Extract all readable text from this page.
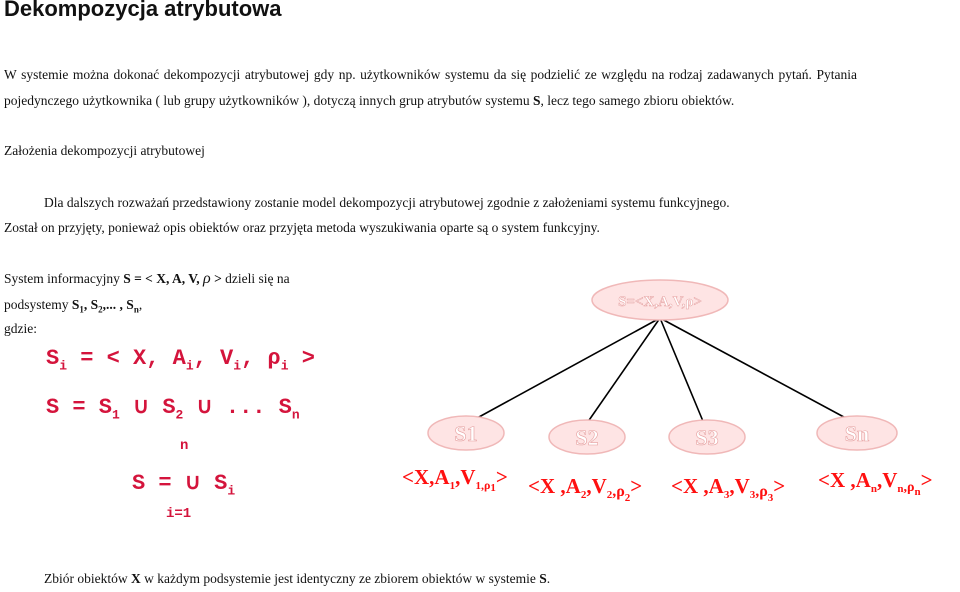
Dekompozycja atrybutowa
W systemie można dokonać dekompozycji atrybutowej gdy np. użytkowników systemu da się podzielić ze względu na rodzaj zadawanych pytań. Pytania
pojedynczego użytkownika ( lub grupy użytkowników ), dotyczą innych grup atrybutów systemu S, lecz tego samego zbioru obiektów.
Założenia dekompozycji atrybutowej
Dla dalszych rozważań przedstawiony zostanie model dekompozycji atrybutowej zgodnie z założeniami systemu funkcyjnego.
Został on przyjęty, ponieważ opis obiektów oraz przyjęta metoda wyszukiwania oparte są o system funkcyjny.
System informacyjny S = < X, A, V, ρ > dzieli się na
podsystemy $S_1$, $S_2$,... , $S_n$,
gdzie:
$S_i$ = < X, $A_i$, $V_i$, $\rho_i$ >
$S = S_1$ ∪ $S_2$ ∪ ... $S_n$
n
S = ∪ $S_i$
i=1
S=<X,A,V,ρ>
S1	S2	S3	Sn
$<X,A_1,V_1,\rho 1> <X$ $,A_2,V_2,\rho_2> <X$ $,A_3,V_3,\rho_3> <X$ $,A_n,V_n,\rho n>$
Zbiór obiektów X w każdym podsystemie jest identyczny ze zbiorem obiektów w systemie S.
